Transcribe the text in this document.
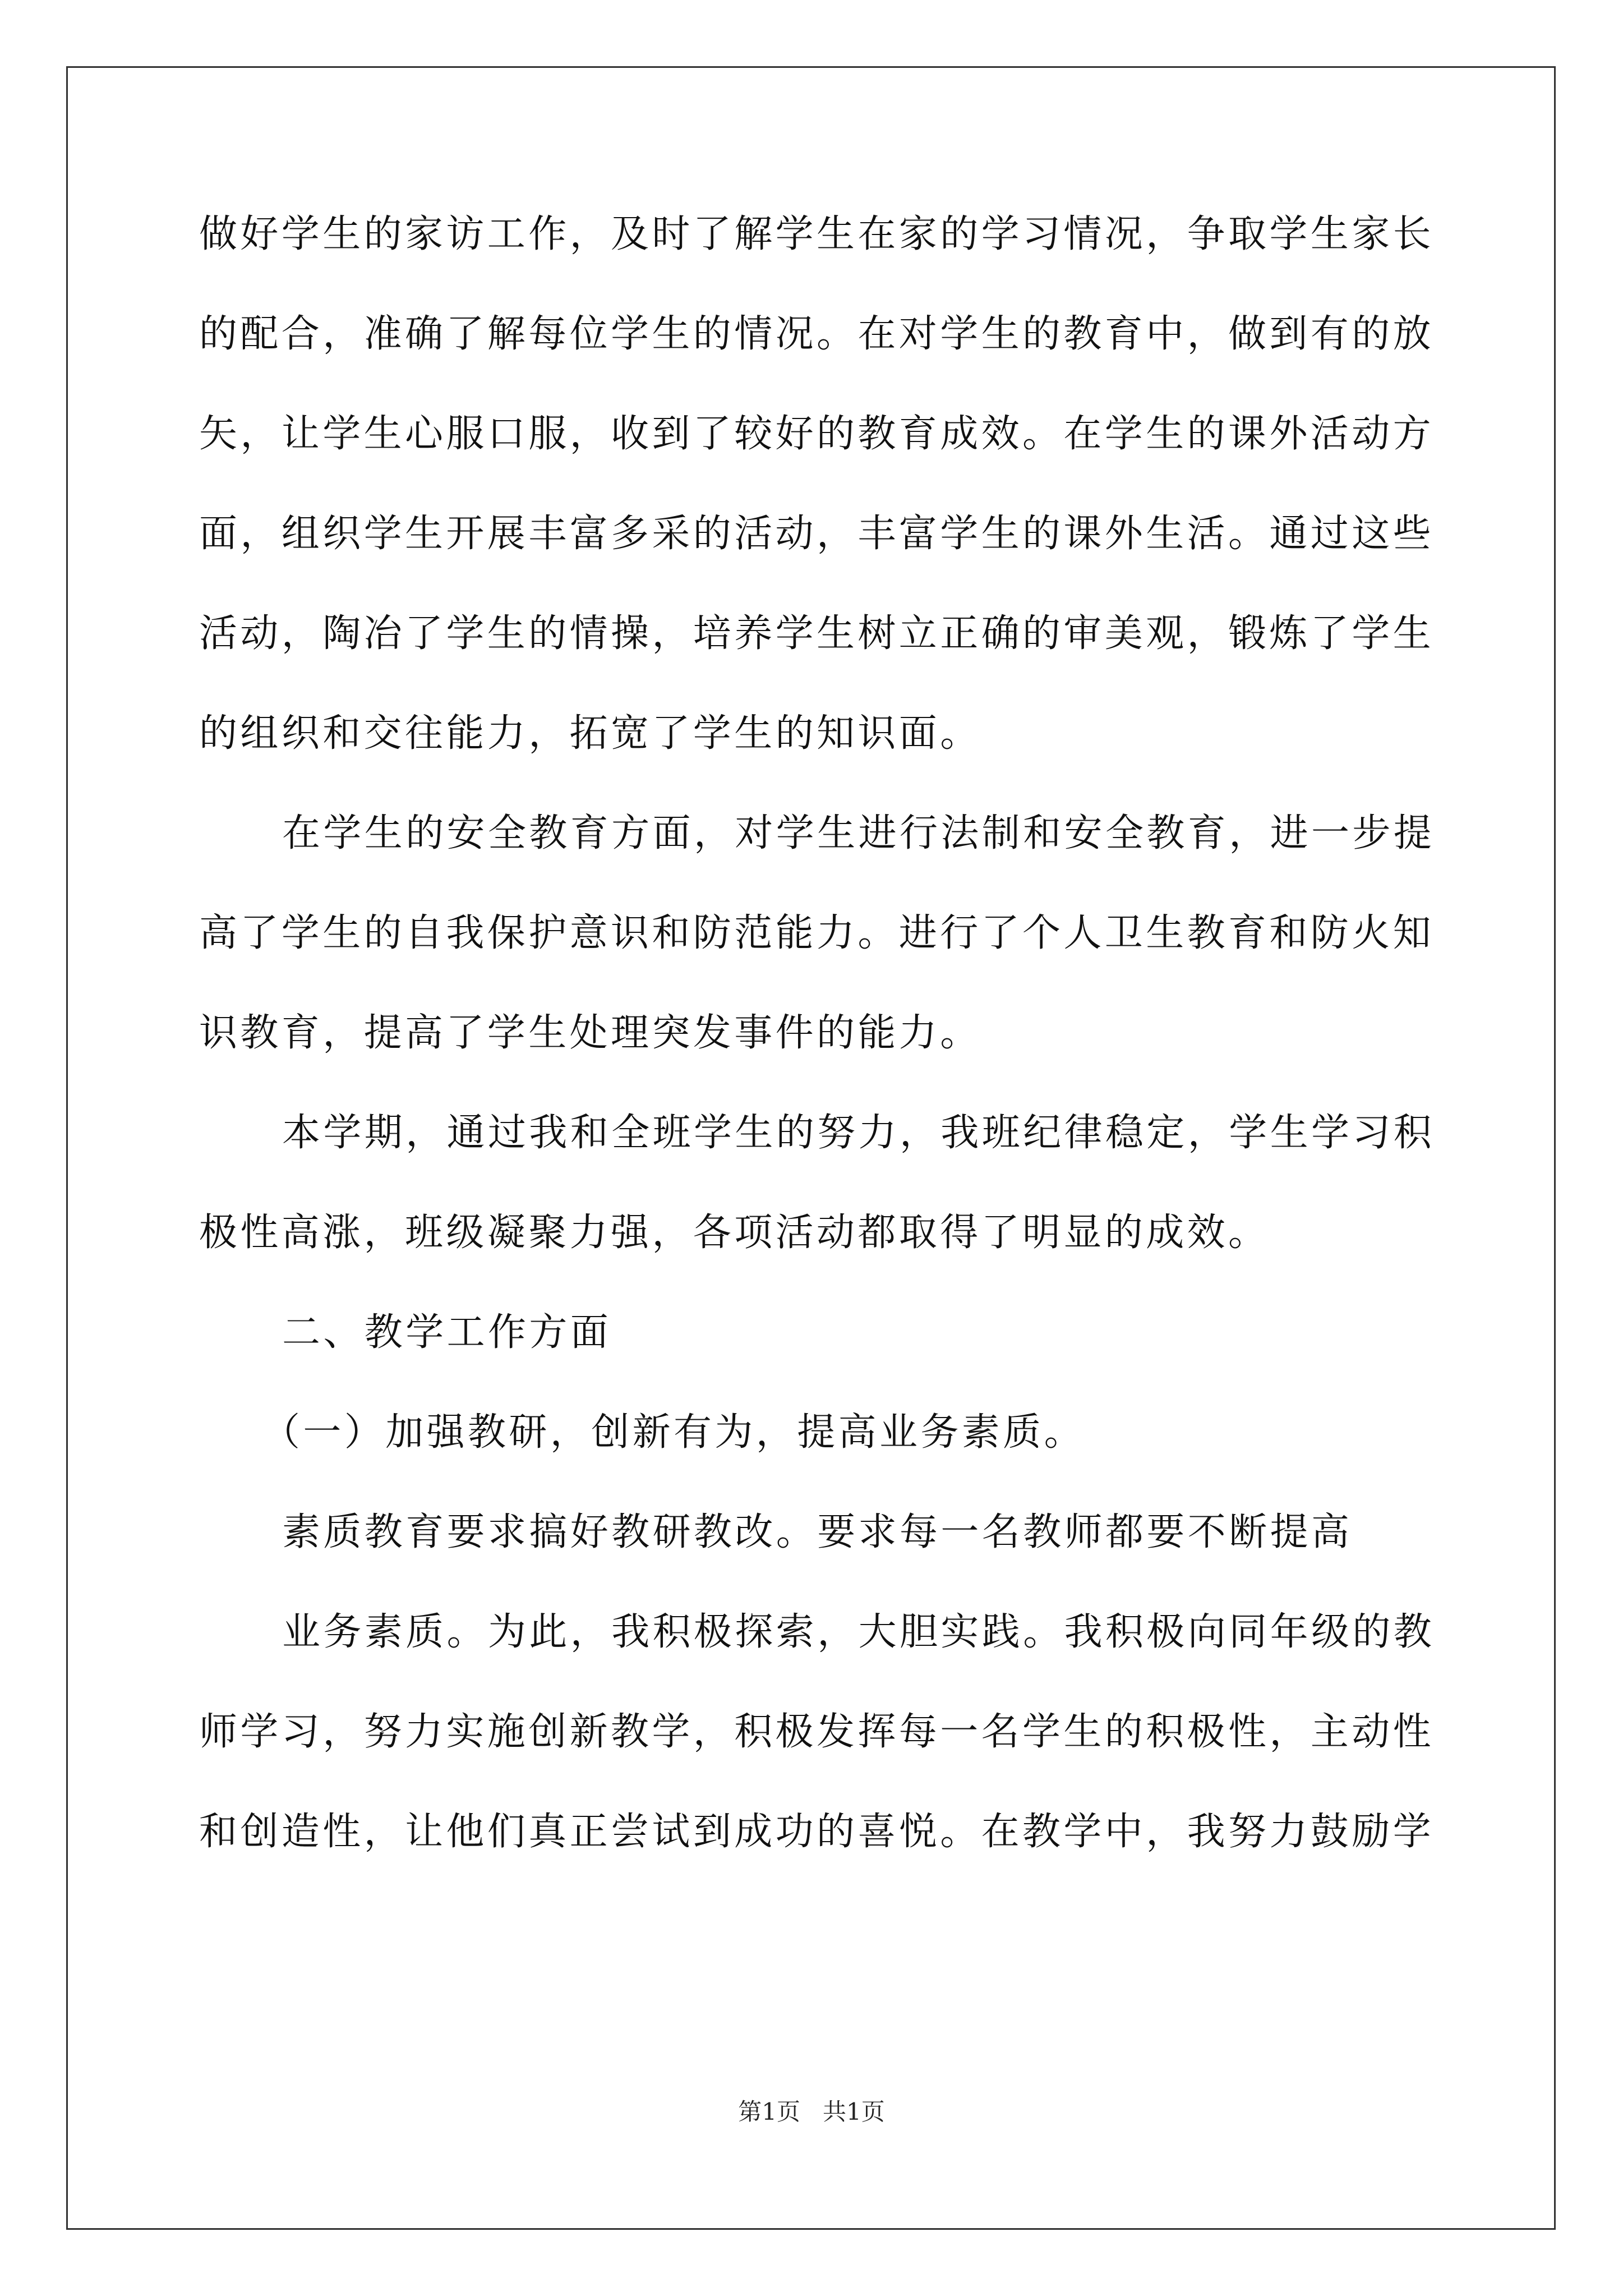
做好学生的家访工作，及时了解学生在家的学习情况，争取学生家长
的配合，准确了解每位学生的情况。在对学生的教育中，做到有的放
矢，让学生心服口服，收到了较好的教育成效。在学生的课外活动方
面，组织学生开展丰富多采的活动，丰富学生的课外生活。通过这些
活动，陶冶了学生的情操，培养学生树立正确的审美观，锻炼了学生
的组织和交往能力，拓宽了学生的知识面。
在学生的安全教育方面，对学生进行法制和安全教育，进一步提
高了学生的自我保护意识和防范能力。进行了个人卫生教育和防火知
识教育，提高了学生处理突发事件的能力。
本学期，通过我和全班学生的努力，我班纪律稳定，学生学习积
极性高涨，班级凝聚力强，各项活动都取得了明显的成效。
二、教学工作方面
（一）加强教研，创新有为，提高业务素质。
素质教育要求搞好教研教改。要求每一名教师都要不断提高
业务素质。为此，我积极探索，大胆实践。我积极向同年级的教
师学习，努力实施创新教学，积极发挥每一名学生的积极性，主动性
和创造性，让他们真正尝试到成功的喜悦。在教学中，我努力鼓励学
第1页   共1页
